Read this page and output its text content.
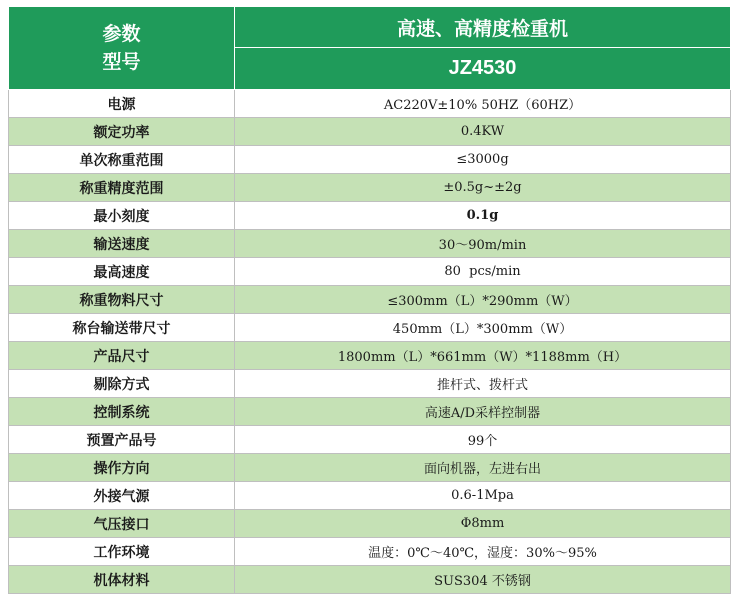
参数
型号	高速、高精度检重机
	JZ4530
电源	AC220V±10% 50HZ（60HZ）
额定功率	0.4KW
单次称重范围	≤3000g
称重精度范围	±0.5g~±2g
最小刻度	0.1g
输送速度	30～90m/min
最高速度	80  pcs/min
称重物料尺寸	≤300mm（L）*290mm（W）
称台输送带尺寸	450mm（L）*300mm（W）
产品尺寸	1800mm（L）*661mm（W）*1188mm（H）
剔除方式	推杆式、拨杆式
控制系统	高速A/D采样控制器
预置产品号	99个
操作方向	面向机器，左进右出
外接气源	0.6-1Mpa
气压接口	Φ8mm
工作环境	温度：0℃～40℃，湿度：30%～95%
机体材料	SUS304 不锈钢
